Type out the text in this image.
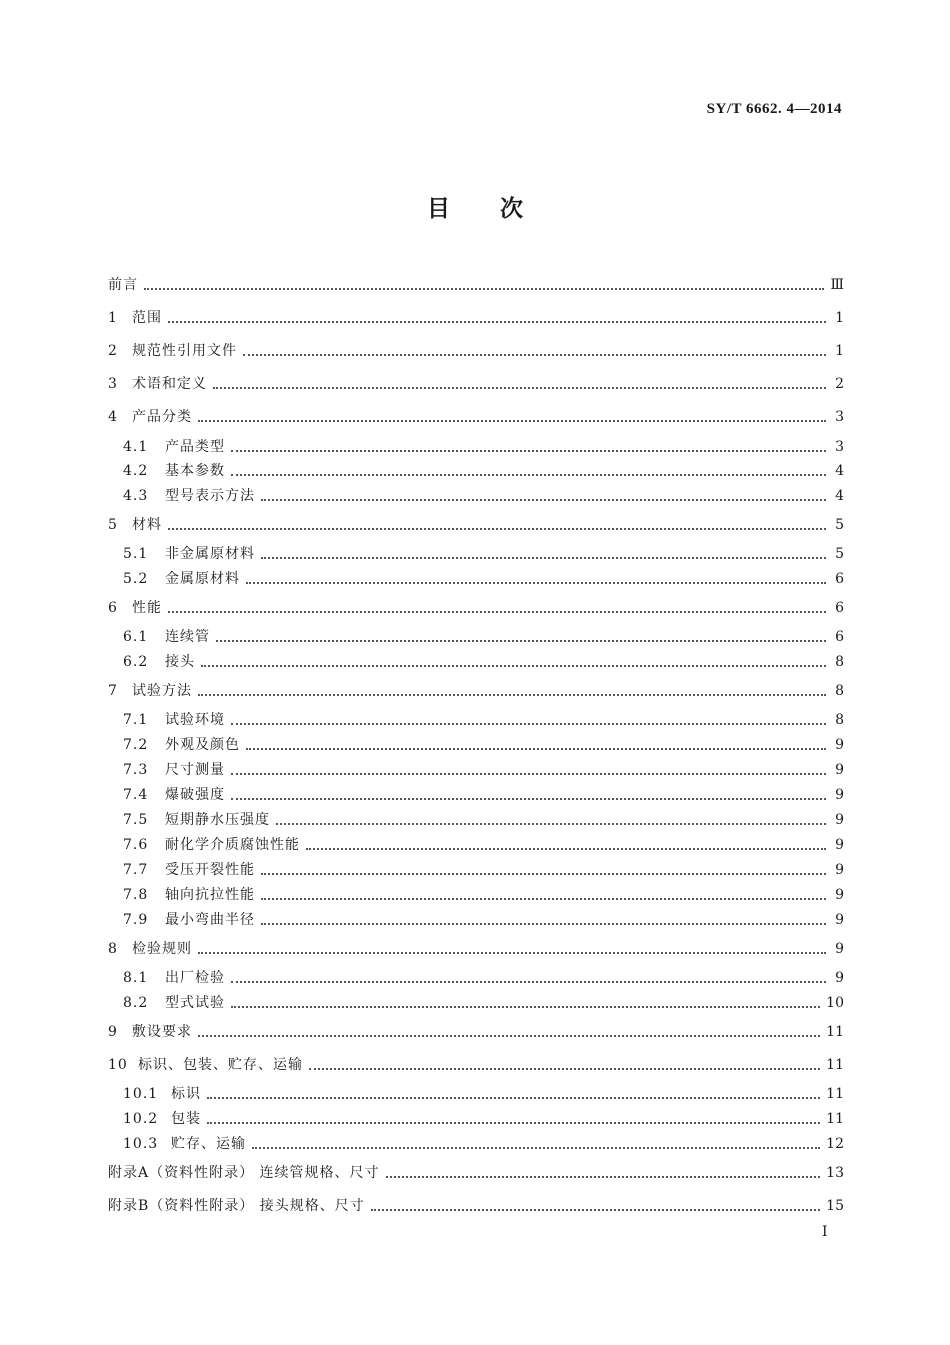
SY/T 6662. 4—2014
目次
前言	Ⅲ
1 范围	1
2 规范性引用文件	1
3 术语和定义	2
4 产品分类	3
4.1 产品类型	3
4.2 基本参数	4
4.3 型号表示方法	4
5 材料	5
5.1 非金属原材料	5
5.2 金属原材料	6
6 性能	6
6.1 连续管	6
6.2 接头	8
7 试验方法	8
7.1 试验环境	8
7.2 外观及颜色	9
7.3 尺寸测量	9
7.4 爆破强度	9
7.5 短期静水压强度	9
7.6 耐化学介质腐蚀性能	9
7.7 受压开裂性能	9
7.8 轴向抗拉性能	9
7.9 最小弯曲半径	9
8 检验规则	9
8.1 出厂检验	9
8.2 型式试验	10
9 敷设要求	11
10 标识、包装、贮存、运输	11
10.1 标识	11
10.2 包装	11
10.3 贮存、运输	12
附录A（资料性附录） 连续管规格、尺寸	13
附录B（资料性附录） 接头规格、尺寸	15
Ⅰ
